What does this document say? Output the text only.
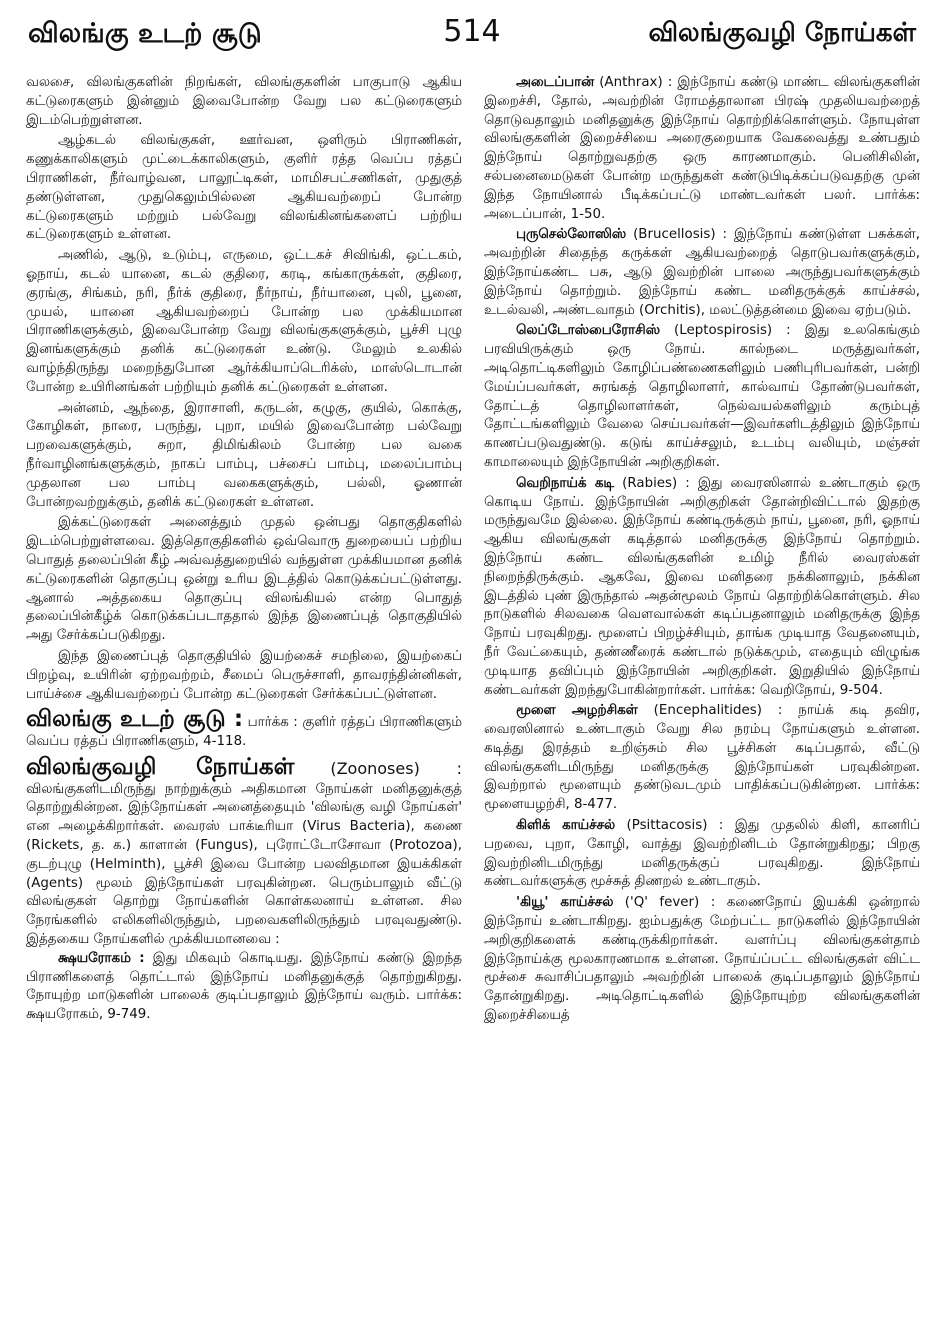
விலங்கு உடற் சூடு	514	விலங்குவழி நோய்கள்

வலசை, விலங்குகளின் நிறங்கள், விலங்குகளின் பாகுபாடு ஆகிய கட்டுரைகளும் இன்னும் இவைபோன்ற வேறு பல கட்டுரைகளும் இடம்பெற்றுள்ளன.

ஆழ்கடல் விலங்குகள், ஊர்வன, ஒளிரும் பிராணிகள், கணுக்காலிகளும் முட்டைக்காலிகளும், குளிர் ரத்த வெப்ப ரத்தப் பிராணிகள், நீர்வாழ்வன, பாலூட்டிகள், மாமிசபட்சணிகள், முதுகுத் தண்டுள்ளன, முதுகெலும்பில்லன ஆகியவற்றைப் போன்ற கட்டுரைகளும் மற்றும் பல்வேறு விலங்கினங்களைப் பற்றிய கட்டுரைகளும் உள்ளன.

அணில், ஆடு, உடும்பு, எருமை, ஒட்டகச் சிவிங்கி, ஒட்டகம், ஓநாய், கடல் யானை, கடல் குதிரை, கரடி, கங்காருக்கள், குதிரை, குரங்கு, சிங்கம், நரி, நீர்க் குதிரை, நீர்நாய், நீர்யானை, புலி, பூனை, முயல், யானை ஆகியவற்றைப் போன்ற பல முக்கியமான பிராணிகளுக்கும், இவைபோன்ற வேறு விலங்குகளுக்கும், பூச்சி புழு இனங்களுக்கும் தனிக் கட்டுரைகள் உண்டு. மேலும் உலகில் வாழ்ந்திருந்து மறைந்துபோன ஆர்க்கியாப்டெரிக்ஸ், மாஸ்டொடான் போன்ற உயிரினங்கள் பற்றியும் தனிக் கட்டுரைகள் உள்ளன.

அன்னம், ஆந்தை, இராசாளி, கருடன், கழுகு, குயில், கொக்கு, கோழிகள், நாரை, பருந்து, புறா, மயில் இவைபோன்ற பல்வேறு பறவைகளுக்கும், சுறா, திமிங்கிலம் போன்ற பல வகை நீர்வாழினங்களுக்கும், நாகப் பாம்பு, பச்சைப் பாம்பு, மலைப்பாம்பு முதலான பல பாம்பு வகைகளுக்கும், பல்லி, ஓணான் போன்றவற்றுக்கும், தனிக் கட்டுரைகள் உள்ளன.

இக்கட்டுரைகள் அனைத்தும் முதல் ஒன்பது தொகுதிகளில் இடம்பெற்றுள்ளவை. இத்தொகுதிகளில் ஒவ்வொரு துறையைப் பற்றிய பொதுத் தலைப்பின் கீழ் அவ்வத்துறையில் வந்துள்ள முக்கியமான தனிக் கட்டுரைகளின் தொகுப்பு ஒன்று உரிய இடத்தில் கொடுக்கப்பட்டுள்ளது. ஆனால் அத்தகைய தொகுப்பு விலங்கியல் என்ற பொதுத் தலைப்பின்கீழ்க் கொடுக்கப்படாததால் இந்த இணைப்புத் தொகுதியில் அது சேர்க்கப்படுகிறது.

இந்த இணைப்புத் தொகுதியில் இயற்கைச் சமநிலை, இயற்கைப் பிறழ்வு, உயிரின் ஏற்றவற்றம், சீமைப் பெருச்சாளி, தாவரந்தின்னிகள், பாய்ச்சை ஆகியவற்றைப் போன்ற கட்டுரைகள் சேர்க்கப்பட்டுள்ளன.

விலங்கு உடற் சூடு : பார்க்க : குளிர் ரத்தப் பிராணிகளும் வெப்ப ரத்தப் பிராணிகளும், 4-118.

விலங்குவழி நோய்கள் (Zoonoses) : விலங்குகளிடமிருந்து நாற்றுக்கும் அதிகமான நோய்கள் மனிதனுக்குத் தொற்றுகின்றன. இந்நோய்கள் அனைத்தையும் 'விலங்கு வழி நோய்கள்' என அழைக்கிறார்கள். வைரஸ் பாக்டீரியா (Virus Bacteria), கணை (Rickets, த. க.) காளான் (Fungus), புரோட்டோசோவா (Protozoa), குடற்புழு (Helminth), பூச்சி இவை போன்ற பலவிதமான இயக்கிகள் (Agents) மூலம் இந்நோய்கள் பரவுகின்றன. பெரும்பாலும் வீட்டு விலங்குகள் தொற்று நோய்களின் கொள்கலனாய் உள்ளன. சில நேரங்களில் எலிகளிலிருந்தும், பறவைகளிலிருந்தும் பரவுவதுண்டு. இத்தகைய நோய்களில் முக்கியமானவை :

க்ஷயரோகம் : இது மிகவும் கொடியது. இந்நோய் கண்டு இறந்த பிராணிகளைத் தொட்டால் இந்நோய் மனிதனுக்குத் தொற்றுகிறது. நோயுற்ற மாடுகளின் பாலைக் குடிப்பதாலும் இந்நோய் வரும். பார்க்க: க்ஷயரோகம், 9-749.

அடைப்பான் (Anthrax) : இந்நோய் கண்டு மாண்ட விலங்குகளின் இறைச்சி, தோல், அவற்றின் ரோமத்தாலான பிரஷ் முதலியவற்றைத் தொடுவதாலும் மனிதனுக்கு இந்நோய் தொற்றிக்கொள்ளும். நோயுள்ள விலங்குகளின் இறைச்சியை அரைகுறையாக வேகவைத்து உண்பதும் இந்நோய் தொற்றுவதற்கு ஒரு காரணமாகும். பெனிசிலின், சல்பனைமைடுகள் போன்ற மருந்துகள் கண்டுபிடிக்கப்படுவதற்கு முன் இந்த நோயினால் பீடிக்கப்பட்டு மாண்டவர்கள் பலர். பார்க்க: அடைப்பான், 1-50.

புருசெல்லோஸிஸ் (Brucellosis) : இந்நோய் கண்டுள்ள பசுக்கள், அவற்றின் சிதைந்த கருக்கள் ஆகியவற்றைத் தொடுபவர்களுக்கும், இந்நோய்கண்ட பசு, ஆடு இவற்றின் பாலை அருந்துபவர்களுக்கும் இந்நோய் தொற்றும். இந்நோய் கண்ட மனிதருக்குக் காய்ச்சல், உடல்வலி, அண்டவாதம் (Orchitis), மலட்டுத்தன்மை இவை ஏற்படும்.

லெப்டோஸ்பைரோசிஸ் (Leptospirosis) : இது உலகெங்கும் பரவியிருக்கும் ஒரு நோய். கால்நடை மருத்துவர்கள், அடிதொட்டிகளிலும் கோழிப்பண்ணைகளிலும் பணிபுரிபவர்கள், பன்றி மேய்ப்பவர்கள், சுரங்கத் தொழிலாளர், கால்வாய் தோண்டுபவர்கள், தோட்டத் தொழிலாளர்கள், நெல்வயல்களிலும் கரும்புத் தோட்டங்களிலும் வேலை செய்பவர்கள்—இவர்களிடத்திலும் இந்நோய் காணப்படுவதுண்டு. கடுங் காய்ச்சலும், உடம்பு வலியும், மஞ்சள் காமாலையும் இந்நோயின் அறிகுறிகள்.

வெறிநாய்க் கடி (Rabies) : இது வைரஸினால் உண்டாகும் ஒரு கொடிய நோய். இந்நோயின் அறிகுறிகள் தோன்றிவிட்டால் இதற்கு மருந்துவமே இல்லை. இந்நோய் கண்டிருக்கும் நாய், பூனை, நரி, ஓநாய் ஆகிய விலங்குகள் கடித்தால் மனிதருக்கு இந்நோய் தொற்றும். இந்நோய் கண்ட விலங்குகளின் உமிழ் நீரில் வைரஸ்கள் நிறைந்திருக்கும். ஆகவே, இவை மனிதரை நக்கினாலும், நக்கின இடத்தில் புண் இருந்தால் அதன்மூலம் நோய் தொற்றிக்கொள்ளும். சில நாடுகளில் சிலவகை வௌவால்கள் கடிப்பதனாலும் மனிதருக்கு இந்த நோய் பரவுகிறது. மூளைப் பிறழ்ச்சியும், தாங்க முடியாத வேதனையும், நீர் வேட்கையும், தண்ணீரைக் கண்டால் நடுக்கமும், எதையும் விழுங்க முடியாத தவிப்பும் இந்நோயின் அறிகுறிகள். இறுதியில் இந்நோய் கண்டவர்கள் இறந்துபோகின்றார்கள். பார்க்க: வெறிநோய், 9-504.

மூளை அழற்சிகள் (Encephalitides) : நாய்க் கடி தவிர, வைரஸினால் உண்டாகும் வேறு சில நரம்பு நோய்களும் உள்ளன. கடித்து இரத்தம் உறிஞ்சும் சில பூச்சிகள் கடிப்பதால், வீட்டு விலங்குகளிடமிருந்து மனிதருக்கு இந்நோய்கள் பரவுகின்றன. இவற்றால் மூளையும் தண்டுவடமும் பாதிக்கப்படுகின்றன. பார்க்க: மூளையழற்சி, 8-477.

கிளிக் காய்ச்சல் (Psittacosis) : இது முதலில் கிளி, கானரிப் பறவை, புறா, கோழி, வாத்து இவற்றினிடம் தோன்றுகிறது; பிறகு இவற்றினிடமிருந்து மனிதருக்குப் பரவுகிறது. இந்நோய் கண்டவர்களுக்கு மூச்சுத் திணறல் உண்டாகும்.

'கியூ' காய்ச்சல் ('Q' fever) : கணைநோய் இயக்கி ஒன்றால் இந்நோய் உண்டாகிறது. ஐம்பதுக்கு மேற்பட்ட நாடுகளில் இந்நோயின் அறிகுறிகளைக் கண்டிருக்கிறார்கள். வளர்ப்பு விலங்குகள்தாம் இந்நோய்க்கு மூலகாரணமாக உள்ளன. நோய்ப்பட்ட விலங்குகள் விட்ட மூச்சை சுவாசிப்பதாலும் அவற்றின் பாலைக் குடிப்பதாலும் இந்நோய் தோன்றுகிறது. அடிதொட்டிகளில் இந்நோயுற்ற விலங்குகளின் இறைச்சியைத்
